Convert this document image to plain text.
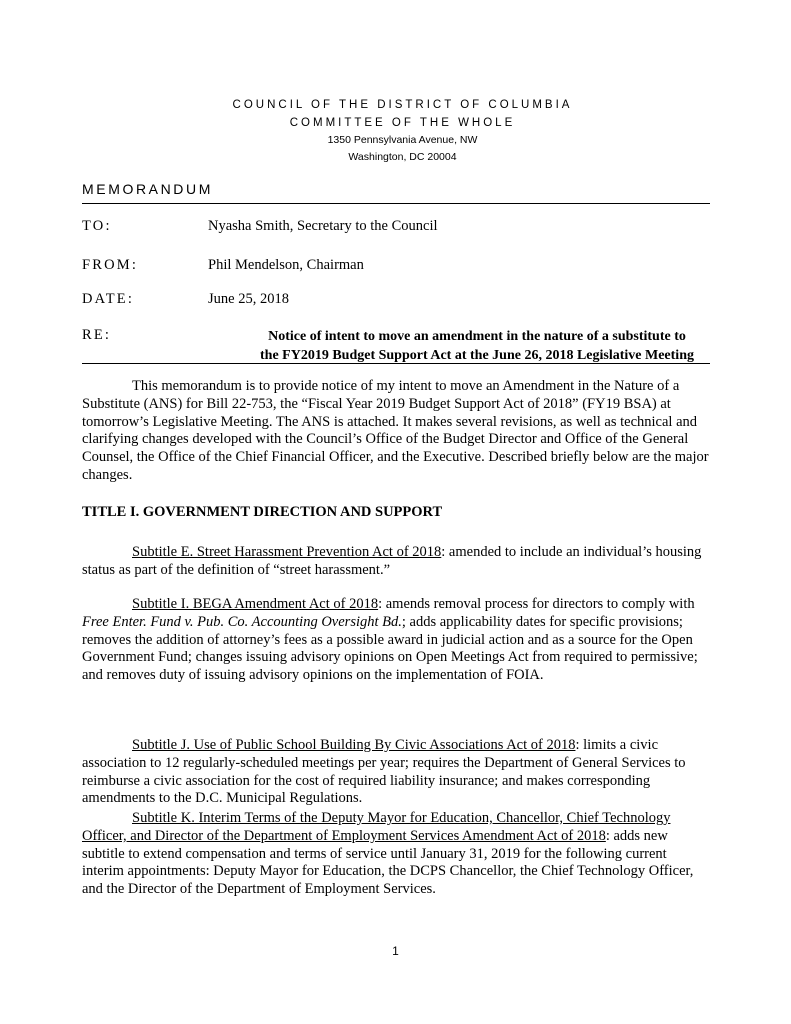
COUNCIL OF THE DISTRICT OF COLUMBIA
COMMITTEE OF THE WHOLE
1350 Pennsylvania Avenue, NW
Washington, DC 20004
MEMORANDUM
TO:	Nyasha Smith, Secretary to the Council
FROM:	Phil Mendelson, Chairman
DATE:	June 25, 2018
RE:	Notice of intent to move an amendment in the nature of a substitute to
the FY2019 Budget Support Act at the June 26, 2018 Legislative Meeting

This memorandum is to provide notice of my intent to move an Amendment in the Nature of a Substitute (ANS) for Bill 22-753, the “Fiscal Year 2019 Budget Support Act of 2018” (FY19 BSA) at tomorrow’s Legislative Meeting. The ANS is attached. It makes several revisions, as well as technical and clarifying changes developed with the Council’s Office of the Budget Director and Office of the General Counsel, the Office of the Chief Financial Officer, and the Executive. Described briefly below are the major changes.

TITLE I. GOVERNMENT DIRECTION AND SUPPORT

Subtitle E. Street Harassment Prevention Act of 2018: amended to include an individual’s housing status as part of the definition of “street harassment.”

Subtitle I. BEGA Amendment Act of 2018: amends removal process for directors to comply with Free Enter. Fund v. Pub. Co. Accounting Oversight Bd.; adds applicability dates for specific provisions; removes the addition of attorney’s fees as a possible award in judicial action and as a source for the Open Government Fund; changes issuing advisory opinions on Open Meetings Act from required to permissive; and removes duty of issuing advisory opinions on the implementation of FOIA.

Subtitle J. Use of Public School Building By Civic Associations Act of 2018: limits a civic association to 12 regularly-scheduled meetings per year; requires the Department of General Services to reimburse a civic association for the cost of required liability insurance; and makes corresponding amendments to the D.C. Municipal Regulations.

Subtitle K. Interim Terms of the Deputy Mayor for Education, Chancellor, Chief Technology Officer, and Director of the Department of Employment Services Amendment Act of 2018: adds new subtitle to extend compensation and terms of service until January 31, 2019 for the following current interim appointments: Deputy Mayor for Education, the DCPS Chancellor, the Chief Technology Officer, and the Director of the Department of Employment Services.

1
